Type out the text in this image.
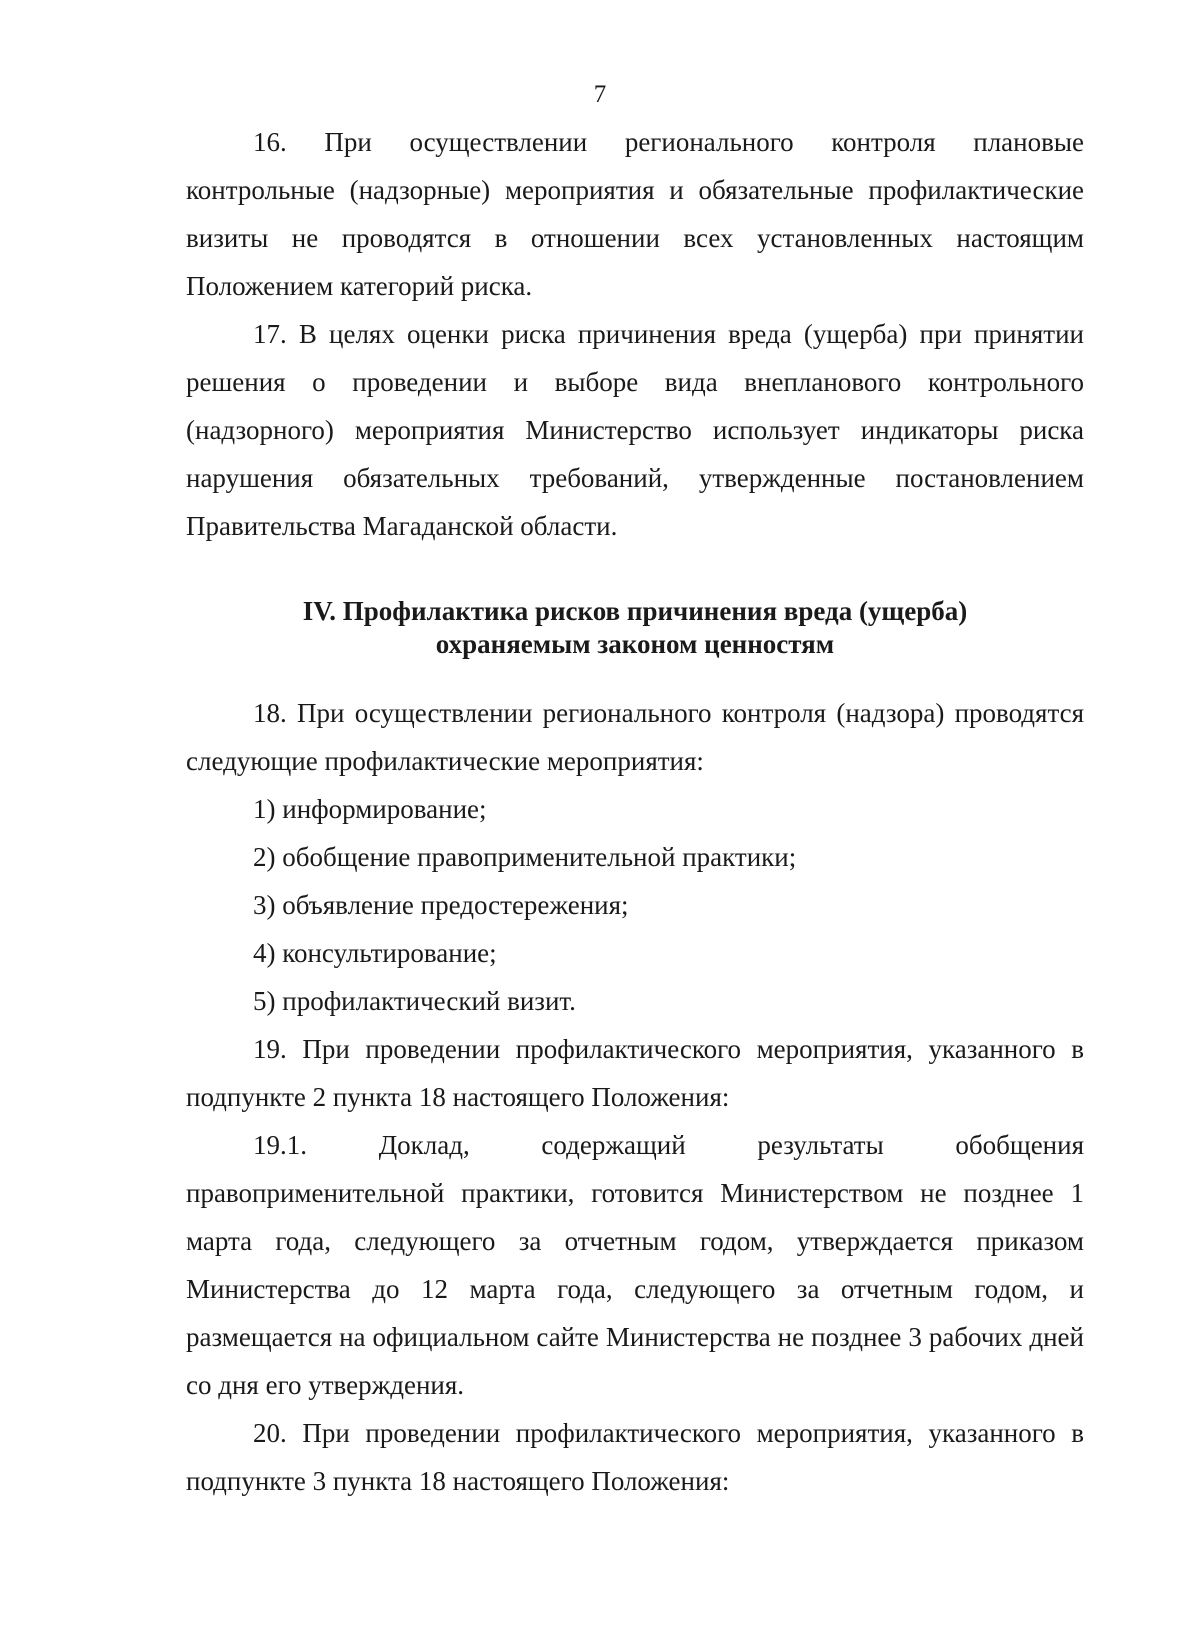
7

16. При осуществлении регионального контроля плановые контрольные (надзорные) мероприятия и обязательные профилактические визиты не проводятся в отношении всех установленных настоящим Положением категорий риска.

17. В целях оценки риска причинения вреда (ущерба) при принятии решения о проведении и выборе вида внепланового контрольного (надзорного) мероприятия Министерство использует индикаторы риска нарушения обязательных требований, утвержденные постановлением Правительства Магаданской области.

IV. Профилактика рисков причинения вреда (ущерба)
охраняемым законом ценностям

18. При осуществлении регионального контроля (надзора) проводятся следующие профилактические мероприятия:

1) информирование;

2) обобщение правоприменительной практики;

3) объявление предостережения;

4) консультирование;

5) профилактический визит.

19. При проведении профилактического мероприятия, указанного в подпункте 2 пункта 18 настоящего Положения:

19.1. Доклад, содержащий результаты обобщения правоприменительной практики, готовится Министерством не позднее 1 марта года, следующего за отчетным годом, утверждается приказом Министерства до 12 марта года, следующего за отчетным годом, и размещается на официальном сайте Министерства не позднее 3 рабочих дней со дня его утверждения.

20. При проведении профилактического мероприятия, указанного в подпункте 3 пункта 18 настоящего Положения:
